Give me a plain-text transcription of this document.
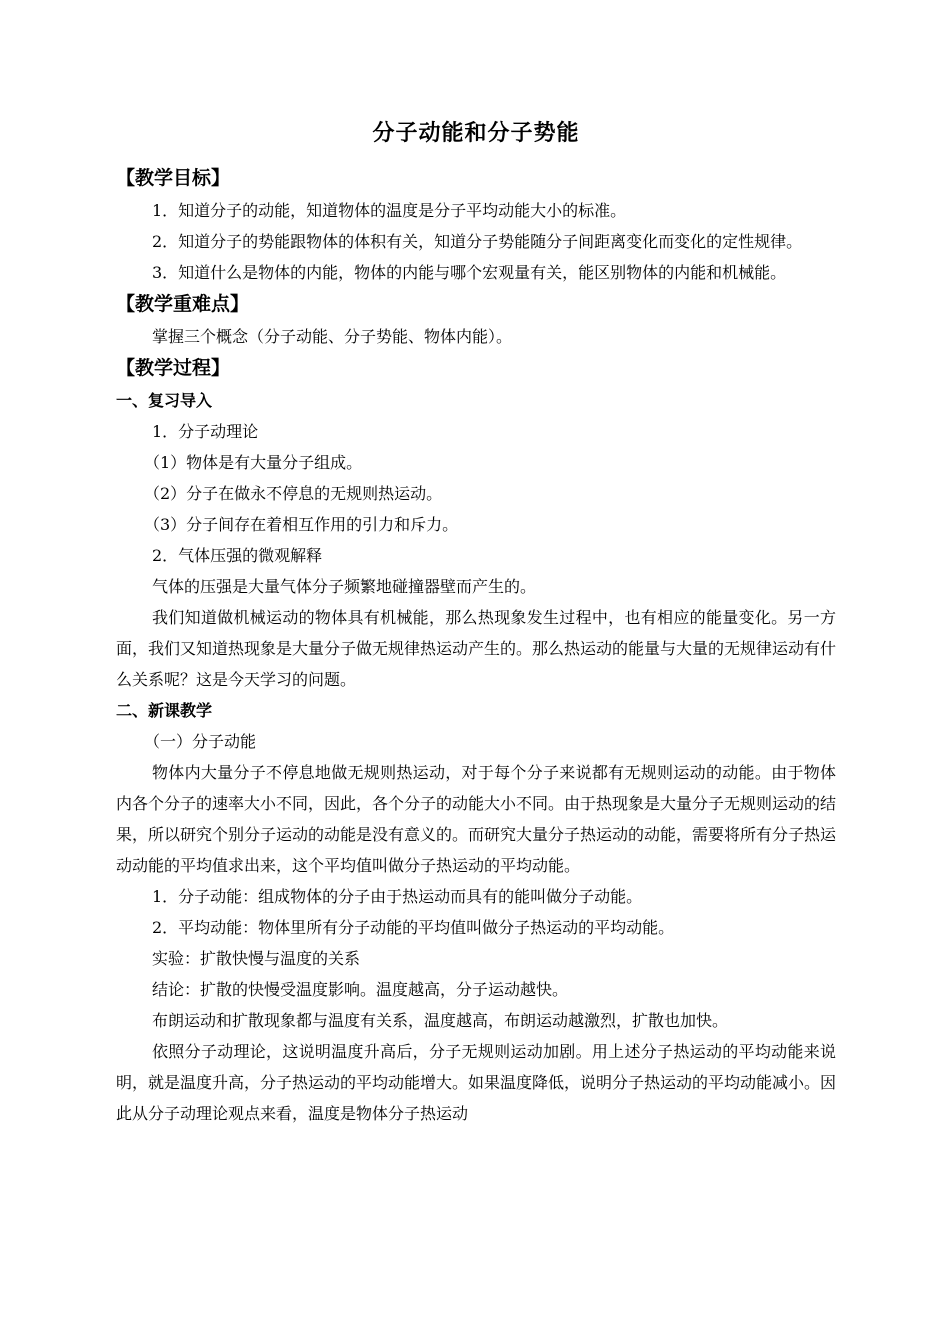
分子动能和分子势能
【教学目标】

1．知道分子的动能，知道物体的温度是分子平均动能大小的标准。

2．知道分子的势能跟物体的体积有关，知道分子势能随分子间距离变化而变化的定性规律。

3．知道什么是物体的内能，物体的内能与哪个宏观量有关，能区别物体的内能和机械能。

【教学重难点】

掌握三个概念（分子动能、分子势能、物体内能）。

【教学过程】
一、复习导入

1．分子动理论

（1）物体是有大量分子组成。

（2）分子在做永不停息的无规则热运动。

（3）分子间存在着相互作用的引力和斥力。

2．气体压强的微观解释

气体的压强是大量气体分子频繁地碰撞器壁而产生的。

我们知道做机械运动的物体具有机械能，那么热现象发生过程中，也有相应的能量变化。另一方面，我们又知道热现象是大量分子做无规律热运动产生的。那么热运动的能量与大量的无规律运动有什么关系呢？这是今天学习的问题。

二、新课教学

（一）分子动能

物体内大量分子不停息地做无规则热运动，对于每个分子来说都有无规则运动的动能。由于物体内各个分子的速率大小不同，因此，各个分子的动能大小不同。由于热现象是大量分子无规则运动的结果，所以研究个别分子运动的动能是没有意义的。而研究大量分子热运动的动能，需要将所有分子热运动动能的平均值求出来，这个平均值叫做分子热运动的平均动能。

1．分子动能：组成物体的分子由于热运动而具有的能叫做分子动能。

2．平均动能：物体里所有分子动能的平均值叫做分子热运动的平均动能。

实验：扩散快慢与温度的关系

结论：扩散的快慢受温度影响。温度越高，分子运动越快。

布朗运动和扩散现象都与温度有关系，温度越高，布朗运动越激烈，扩散也加快。

依照分子动理论，这说明温度升高后，分子无规则运动加剧。用上述分子热运动的平均动能来说明，就是温度升高，分子热运动的平均动能增大。如果温度降低，说明分子热运动的平均动能减小。因此从分子动理论观点来看，温度是物体分子热运动
